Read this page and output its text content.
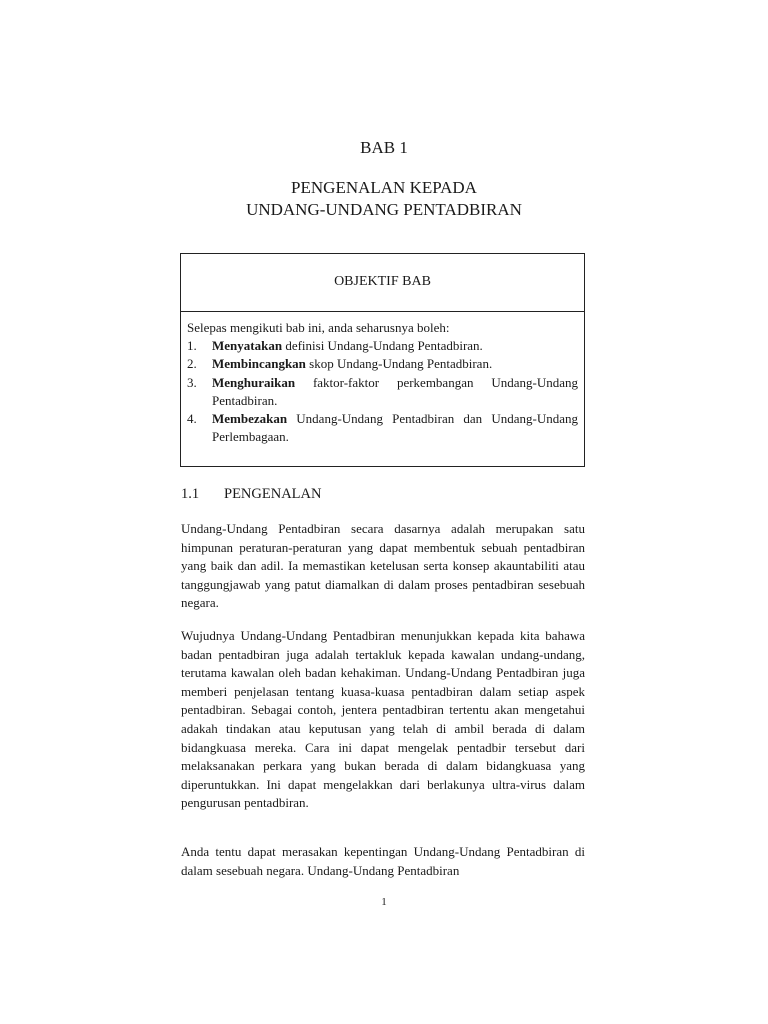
BAB 1
PENGENALAN KEPADA
UNDANG-UNDANG PENTADBIRAN
OBJEKTIF BAB

Selepas mengikuti bab ini, anda seharusnya boleh:

1.	Menyatakan definisi Undang-Undang Pentadbiran.
2.	Membincangkan skop Undang-Undang Pentadbiran.
3.	Menghuraikan faktor-faktor perkembangan Undang-Undang Pentadbiran.
4.	Membezakan Undang-Undang Pentadbiran dan Undang-Undang Perlembagaan.
1.1 PENGENALAN

Undang-Undang Pentadbiran secara dasarnya adalah merupakan satu himpunan peraturan-peraturan yang dapat membentuk sebuah pentadbiran yang baik dan adil. Ia memastikan ketelusan serta konsep akauntabiliti atau tanggungjawab yang patut diamalkan di dalam proses pentadbiran sesebuah negara.

Wujudnya Undang-Undang Pentadbiran menunjukkan kepada kita bahawa badan pentadbiran juga adalah tertakluk kepada kawalan undang-undang, terutama kawalan oleh badan kehakiman. Undang-Undang Pentadbiran juga memberi penjelasan tentang kuasa-kuasa pentadbiran dalam setiap aspek pentadbiran. Sebagai contoh, jentera pentadbiran tertentu akan mengetahui adakah tindakan atau keputusan yang telah di ambil berada di dalam bidangkuasa mereka. Cara ini dapat mengelak pentadbir tersebut dari melaksanakan perkara yang bukan berada di dalam bidangkuasa yang diperuntukkan. Ini dapat mengelakkan dari berlakunya ultra-virus dalam pengurusan pentadbiran.

Anda tentu dapat merasakan kepentingan Undang-Undang Pentadbiran di dalam sesebuah negara. Undang-Undang Pentadbiran

1
